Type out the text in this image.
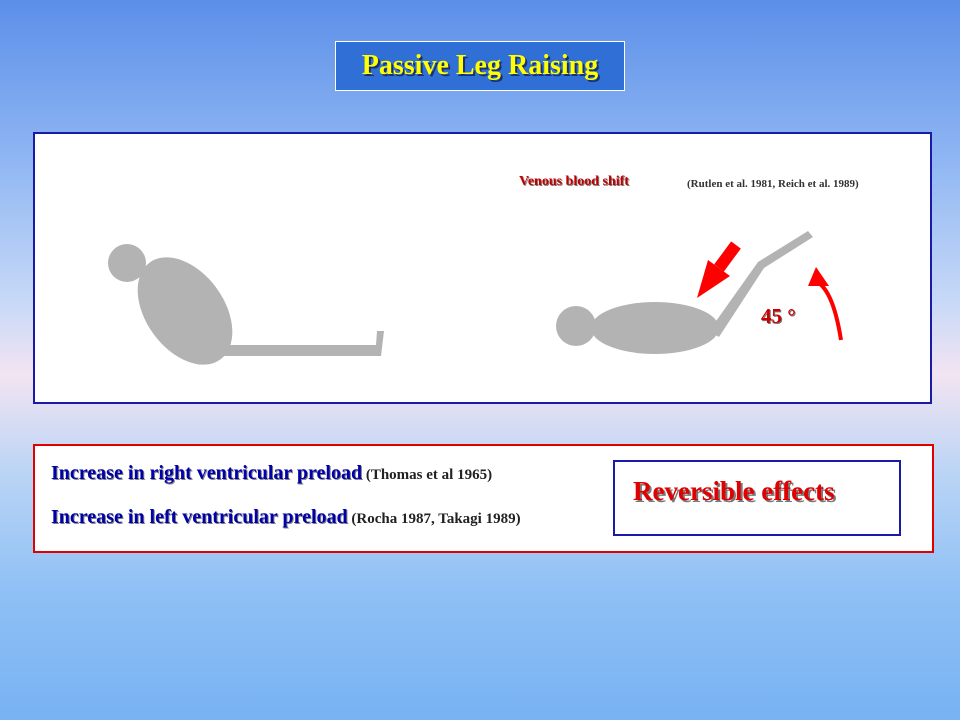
Passive Leg Raising
Venous blood shift	(Rutlen et al. 1981, Reich et al. 1989)
45 °
Increase in right ventricular preload (Thomas et al 1965)
Increase in left ventricular preload (Rocha 1987, Takagi 1989)
Reversible effects
